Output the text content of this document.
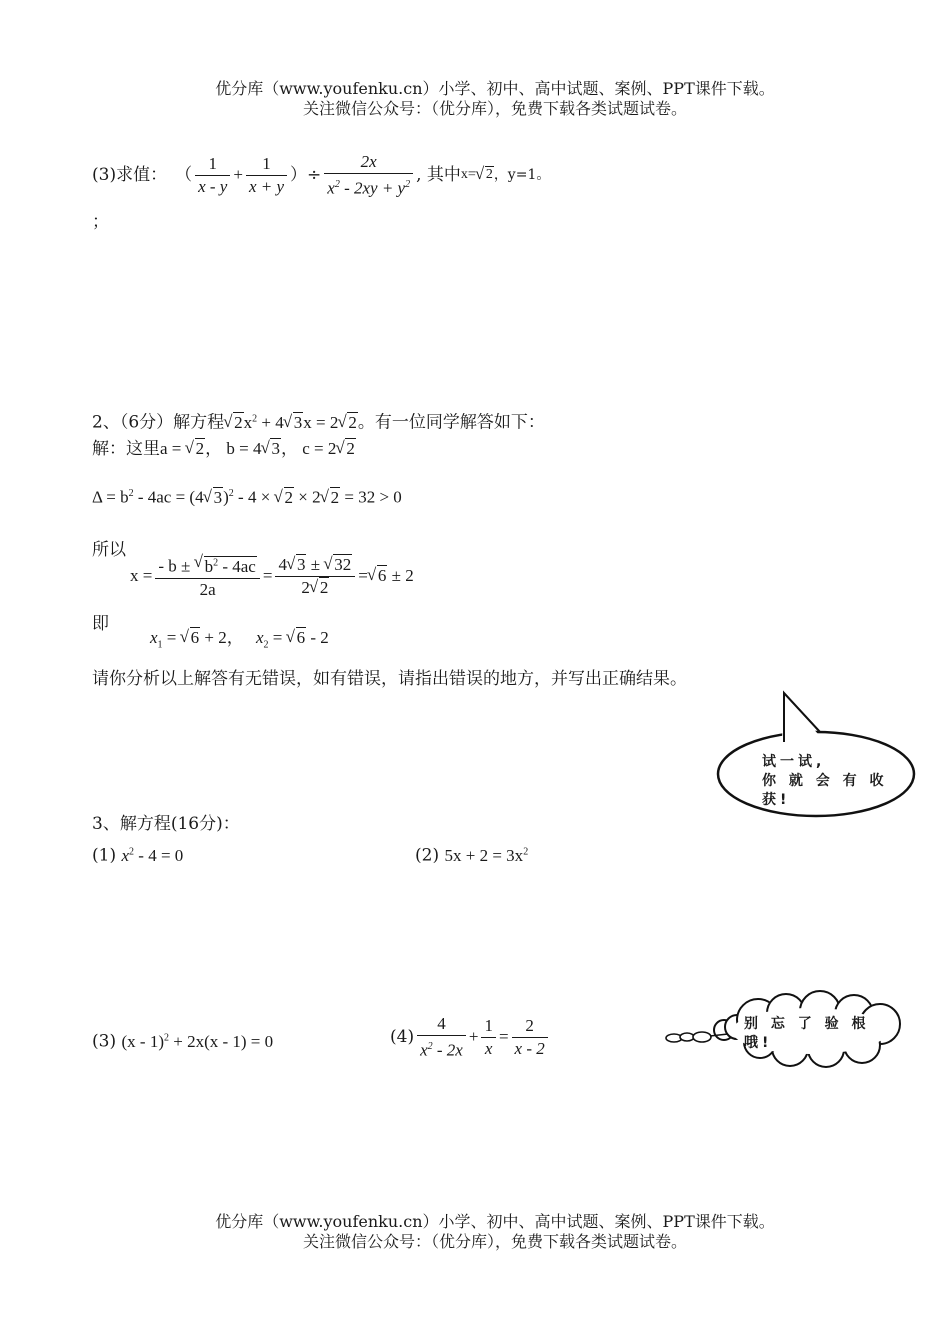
优分库（www.youfenku.cn）小学、初中、高中试题、案例、PPT课件下载。
关注微信公众号：（优分库），免费下载各类试题试卷。
(3)求值： （ $\frac{1}{x - y} + \frac{1}{x + y}$ ）÷ $\frac{2x}{x^2 - 2xy + y^2}$ , 其中 x=
√ 2 ，y=1。
；
2、（6分）解方程√ $2x^2 + 4√$ 3x = 2√ 2。有一位同学解答如下：
解：这里a = √ 2， b = 4√ 3， c = 2√ 2
$\Delta = b^2 - 4ac = (4√$ 3)$^2$ - 4 × √ 2 × 2√ 2 = 32 > 0
所以
$x = \frac{- b \pm √ b^2 - 4ac}{2a} = \frac{4√ 3 \pm √ 32}{2√ 2}$ =
√ 6 ± 2
即
$x_1$ = √ 6 + 2， $x_2$ = √ 6 - 2
请你分析以上解答有无错误，如有错误，请指出错误的地方，并写出正确结果。
试一试,
你 就 会 有 收
获!
3、解方程(16分)：
(1) $x^2 - 4 = 0$	(2) $5x + 2 = 3x^2$
(3) (x - 1)$^2$ + 2x(x - 1) = 0	$(4) \frac{4}{x^2 - 2x} + \frac{1}{x} = \frac{2}{x - 2}$	别 忘 了 验 根
哦!
优分库（www.youfenku.cn）小学、初中、高中试题、案例、PPT课件下载。
关注微信公众号：（优分库），免费下载各类试题试卷。
